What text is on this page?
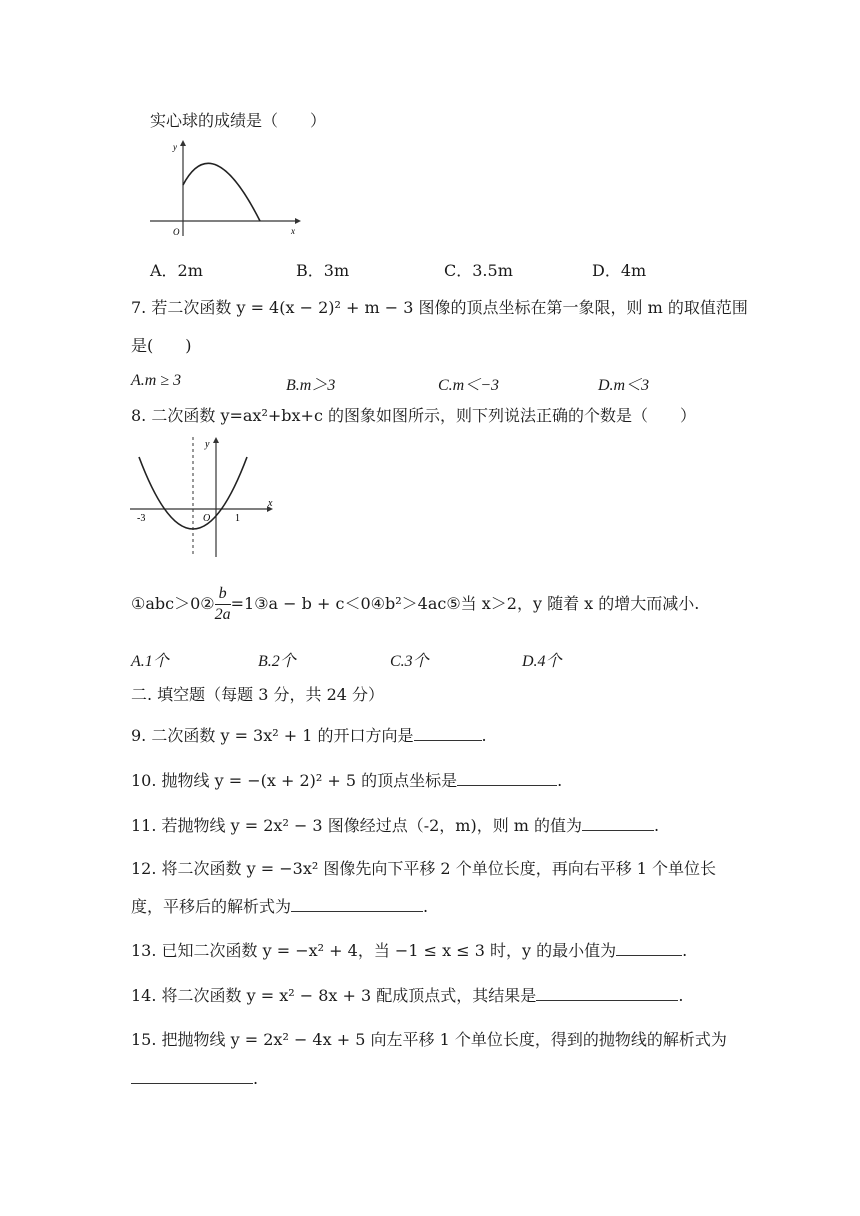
实心球的成绩是（　　）
y
x
O
A．2m	B．3m	C．3.5m	D．4m
7. 若二次函数 y = 4(x − 2)² + m − 3 图像的顶点坐标在第一象限，则 m 的取值范围
是(　　)
A.m ≥ 3	B.m＞3	C.m＜−3	D.m＜3
8. 二次函数 y=ax²+bx+c 的图象如图所示，则下列说法正确的个数是（　　）
y
x
O
-3	1
①abc＞0② $\frac{b}{2a}$ =1③a − b + c＜0④b²＞4ac⑤当 x＞2，y 随着 x 的增大而减小.
A.1个	B.2个	C.3个	D.4个
二. 填空题（每题 3 分，共 24 分）
9. 二次函数 y = 3x² + 1 的开口方向是	.
10. 抛物线 y = −(x + 2)² + 5 的顶点坐标是	.
11. 若抛物线 y = 2x² − 3 图像经过点（-2，m)，则 m 的值为	.
12. 将二次函数 y = −3x² 图像先向下平移 2 个单位长度，再向右平移 1 个单位长
度，平移后的解析式为	.
13. 已知二次函数 y = −x² + 4，当 −1 ≤ x ≤ 3 时，y 的最小值为	.
14. 将二次函数 y = x² − 8x + 3 配成顶点式，其结果是	.
15. 把抛物线 y = 2x² − 4x + 5 向左平移 1 个单位长度，得到的抛物线的解析式为
.
